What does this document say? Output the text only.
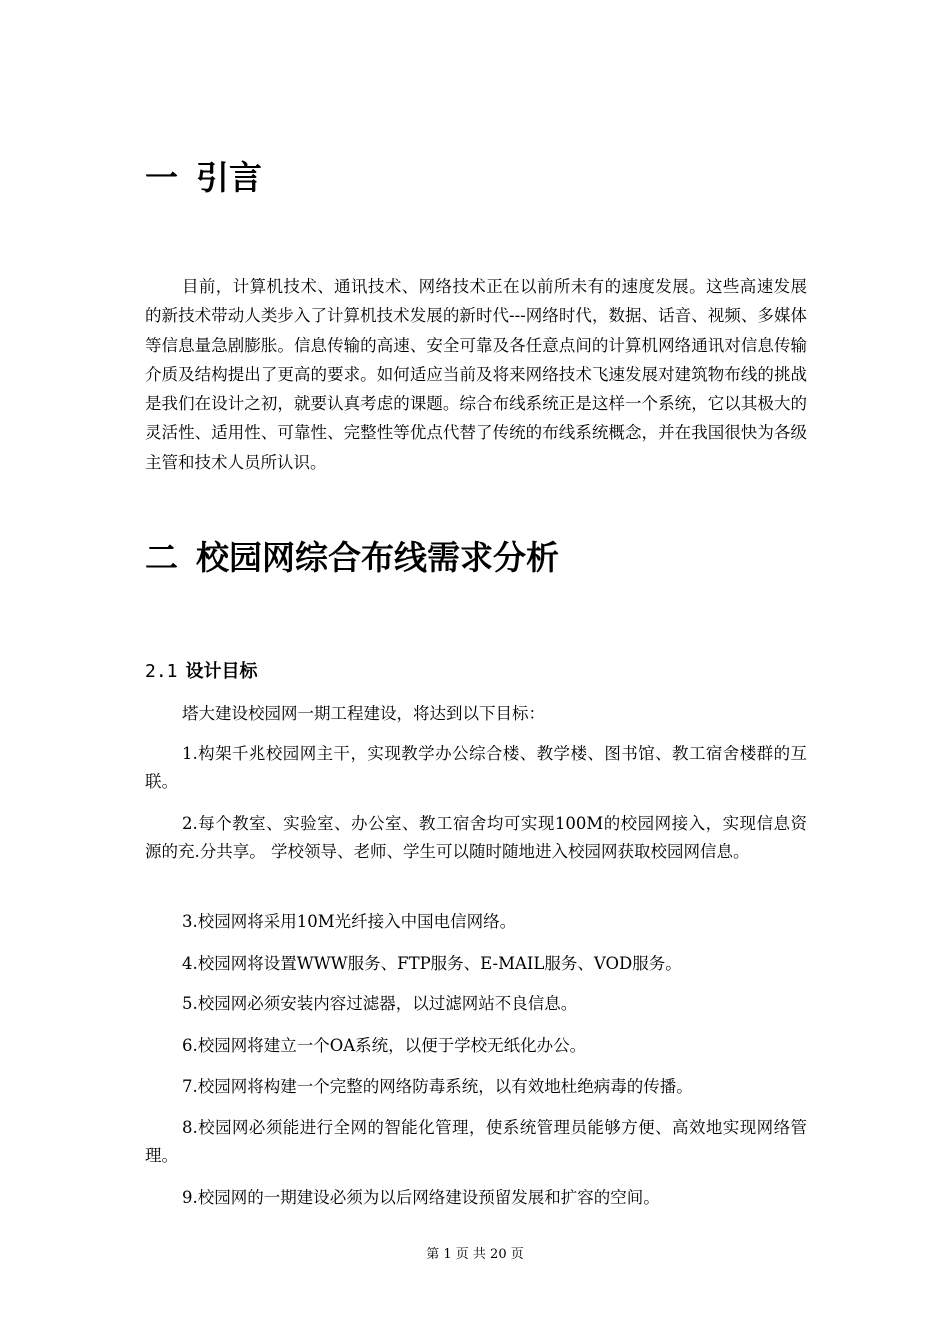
一 引言

目前，计算机技术、通讯技术、网络技术正在以前所未有的速度发展。这些高速发展的新技术带动人类步入了计算机技术发展的新时代---网络时代，数据、话音、视频、多媒体等信息量急剧膨胀。信息传输的高速、安全可靠及各任意点间的计算机网络通讯对信息传输介质及结构提出了更高的要求。如何适应当前及将来网络技术飞速发展对建筑物布线的挑战是我们在设计之初，就要认真考虑的课题。综合布线系统正是这样一个系统，它以其极大的灵活性、适用性、可靠性、完整性等优点代替了传统的布线系统概念，并在我国很快为各级主管和技术人员所认识。

二 校园网综合布线需求分析
2.1 设计目标

塔大建设校园网一期工程建设，将达到以下目标：

1.构架千兆校园网主干，实现教学办公综合楼、教学楼、图书馆、教工宿舍楼群的互联。

2.每个教室、实验室、办公室、教工宿舍均可实现100M的校园网接入，实现信息资源的充.分共享。 学校领导、老师、学生可以随时随地进入校园网获取校园网信息。

3.校园网将采用10M光纤接入中国电信网络。

4.校园网将设置WWW服务、FTP服务、E-MAIL服务、VOD服务。

5.校园网必须安装内容过滤器，以过滤网站不良信息。

6.校园网将建立一个OA系统，以便于学校无纸化办公。

7.校园网将构建一个完整的网络防毒系统，以有效地杜绝病毒的传播。

8.校园网必须能进行全网的智能化管理，使系统管理员能够方便、高效地实现网络管理。

9.校园网的一期建设必须为以后网络建设预留发展和扩容的空间。

第 1 页 共 20 页
